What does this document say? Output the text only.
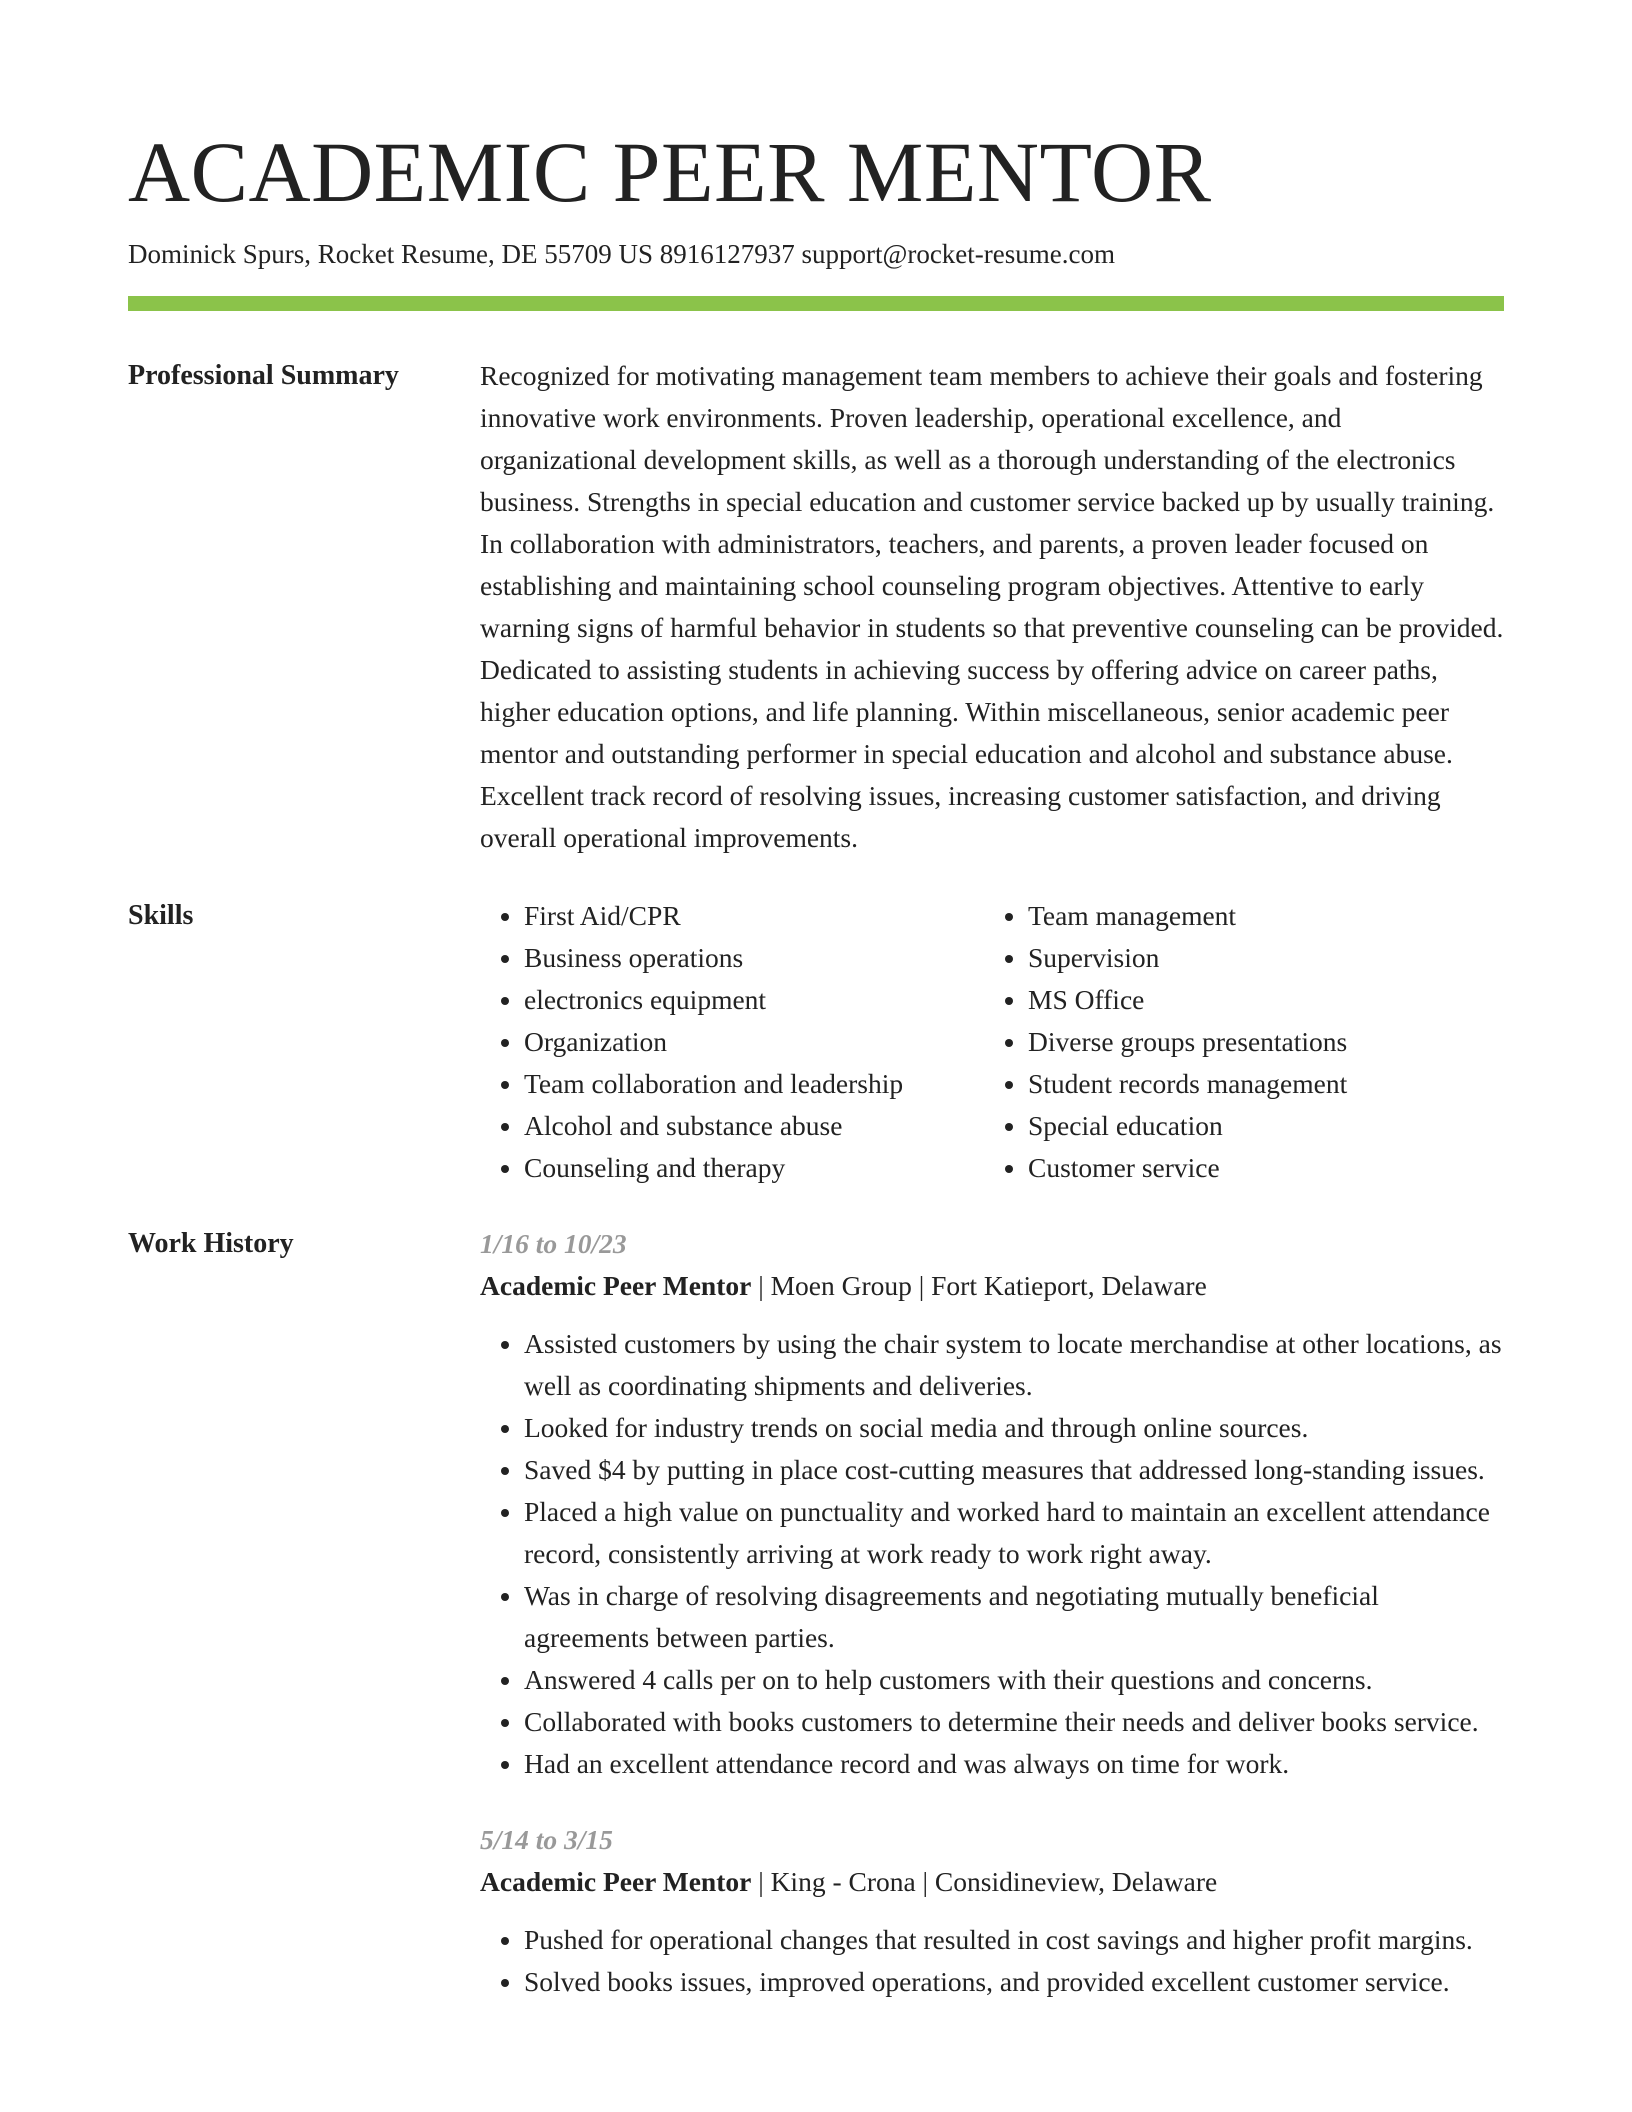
ACADEMIC PEER MENTOR
Dominick Spurs, Rocket Resume, DE 55709 US 8916127937 support@rocket-resume.com
Professional Summary	Recognized for motivating management team members to achieve their goals and fostering innovative work environments. Proven leadership, operational excellence, and organizational development skills, as well as a thorough understanding of the electronics business. Strengths in special education and customer service backed up by usually training. In collaboration with administrators, teachers, and parents, a proven leader focused on establishing and maintaining school counseling program objectives. Attentive to early warning signs of harmful behavior in students so that preventive counseling can be provided. Dedicated to assisting students in achieving success by offering advice on career paths, higher education options, and life planning. Within miscellaneous, senior academic peer mentor and outstanding performer in special education and alcohol and substance abuse. Excellent track record of resolving issues, increasing customer satisfaction, and driving overall operational improvements.

Skills
•	First Aid/CPR
• Business operations
• electronics equipment
• Organization
• Team collaboration and leadership
• Alcohol and substance abuse
• Counseling and therapy
• Team management
• Supervision
• MS Office
• Diverse groups presentations
• Student records management
• Special education
• Customer service
Work History	1/16 to 10/23
Academic Peer Mentor | Moen Group | Fort Katieport, Delaware
• Assisted customers by using the chair system to locate merchandise at other locations, as well as coordinating shipments and deliveries.
• Looked for industry trends on social media and through online sources.
• Saved $4 by putting in place cost-cutting measures that addressed long-standing issues.
• Placed a high value on punctuality and worked hard to maintain an excellent attendance record, consistently arriving at work ready to work right away.
• Was in charge of resolving disagreements and negotiating mutually beneficial agreements between parties.
• Answered 4 calls per on to help customers with their questions and concerns.
• Collaborated with books customers to determine their needs and deliver books service.
• Had an excellent attendance record and was always on time for work.
5/14 to 3/15
Academic Peer Mentor | King - Crona | Considineview, Delaware
• Pushed for operational changes that resulted in cost savings and higher profit margins.
• Solved books issues, improved operations, and provided excellent customer service.
